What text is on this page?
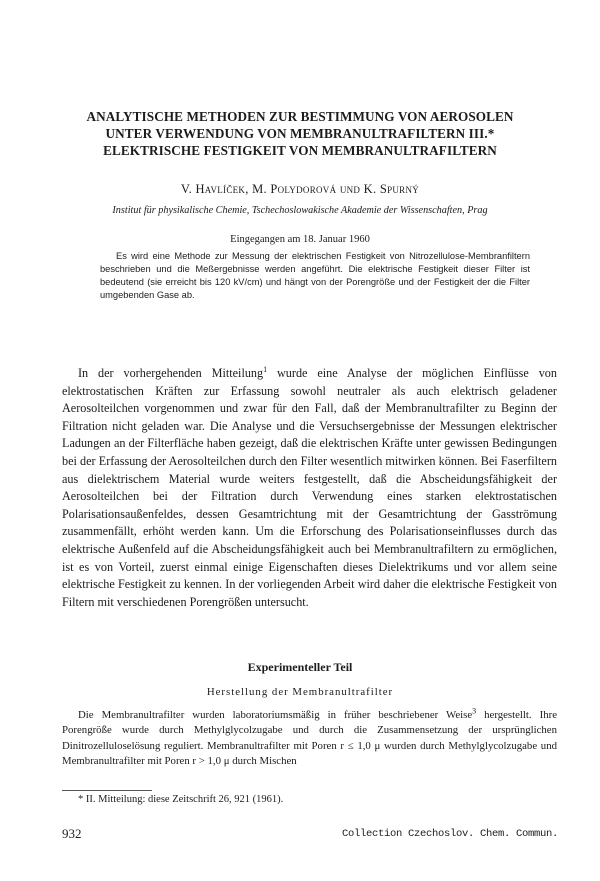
ANALYTISCHE METHODEN ZUR BESTIMMUNG VON AEROSOLEN
UNTER VERWENDUNG VON MEMBRANULTRAFILTERN III.*
ELEKTRISCHE FESTIGKEIT VON MEMBRANULTRAFILTERN
V. Havlíček, M. Polydorová und K. Spurný
Institut für physikalische Chemie, Tschechoslowakische Akademie der Wissenschaften, Prag
Eingegangen am 18. Januar 1960
Es wird eine Methode zur Messung der elektrischen Festigkeit von Nitrozellulose-Membranfiltern beschrieben und die Meßergebnisse werden angeführt. Die elektrische Festigkeit dieser Filter ist bedeutend (sie erreicht bis 120 kV/cm) und hängt von der Porengröße und der Festigkeit der die Filter umgebenden Gase ab.
In der vorhergehenden Mitteilung$^1$ wurde eine Analyse der möglichen Einflüsse von elektrostatischen Kräften zur Erfassung sowohl neutraler als auch elektrisch geladener Aerosolteilchen vorgenommen und zwar für den Fall, daß der Membranultrafilter zu Beginn der Filtration nicht geladen war. Die Analyse und die Versuchsergebnisse der Messungen elektrischer Ladungen an der Filterfläche haben gezeigt, daß die elektrischen Kräfte unter gewissen Bedingungen bei der Erfassung der Aerosolteilchen durch den Filter wesentlich mitwirken können. Bei Faserfiltern aus dielektrischem Material wurde weiters festgestellt, daß die Abscheidungsfähigkeit der Aerosolteilchen bei der Filtration durch Verwendung eines starken elektrostatischen Polarisationsaußenfeldes, dessen Gesamtrichtung mit der Gesamtrichtung der Gasströmung zusammenfällt, erhöht werden kann. Um die Erforschung des Polarisationseinflusses durch das elektrische Außenfeld auf die Abscheidungsfähigkeit auch bei Membranultrafiltern zu ermöglichen, ist es von Vorteil, zuerst einmal einige Eigenschaften dieses Dielektrikums und vor allem seine elektrische Festigkeit zu kennen. In der vorliegenden Arbeit wird daher die elektrische Festigkeit von Filtern mit verschiedenen Porengrößen untersucht.
Experimenteller Teil
Herstellung der Membranultrafilter
Die Membranultrafilter wurden laboratoriumsmäßig in früher beschriebener Weise$^3$ hergestellt. Ihre Porengröße wurde durch Methylglycolzugabe und durch die Zusammensetzung der ursprünglichen Dinitrozelluloselösung reguliert. Membranultrafilter mit Poren r ≤ 1,0 μ wurden durch Methylglycolzugabe und Membranultrafilter mit Poren r > 1,0 μ durch Mischen
* II. Mitteilung: diese Zeitschrift 26, 921 (1961).
932	Collection Czechoslov. Chem. Commun.
